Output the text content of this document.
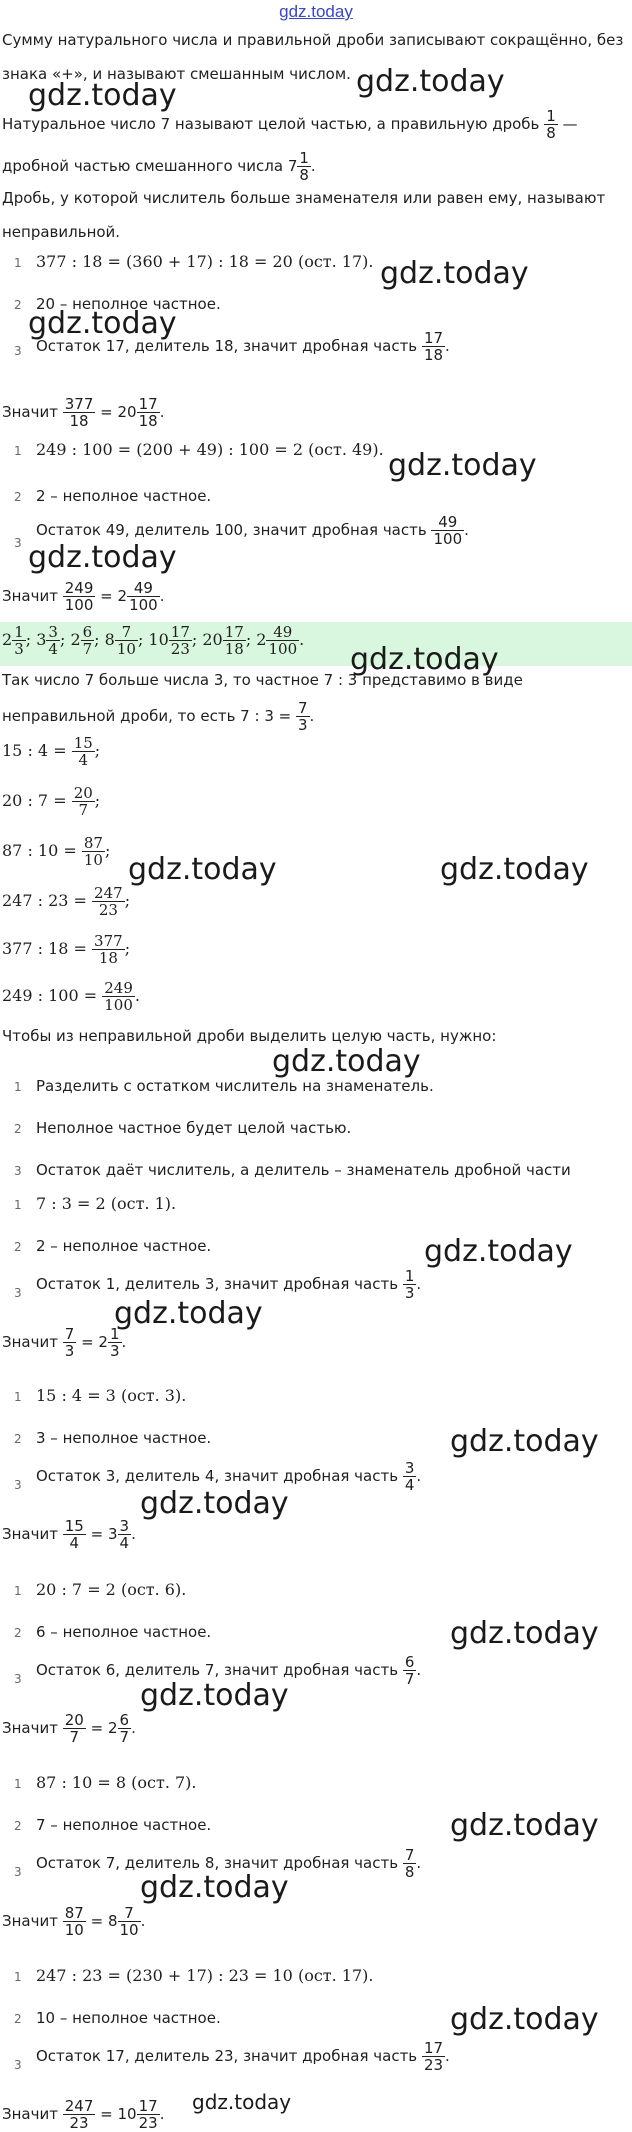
gdz.today
Сумму натурального числа и правильной дроби записывают сокращённо, без
знака «+», и называют смешанным числом.
Натуральное число 7 называют целой частью, а правильную дробь $\frac{1}{8}$ —
дробной частью смешанного числа $7 \frac{1}{8}$ .
Дробь, у которой числитель больше знаменателя или равен ему, называют
неправильной.
1 377 : 18 = (360 + 17) : 18 = 20 (ост. 17).
2 20 – неполное частное.
3 Остаток 17, делитель 18, значит дробная часть $\frac{17}{18}$ .
Значит $\frac{377}{18} = 20 \frac{17}{18}$ .
1 249 : 100 = (200 + 49) : 100 = 2 (ост. 49).
2 2 – неполное частное.
3
Остаток 49, делитель 100, значит дробная часть $\frac{49}{100}$ .
Значит $\frac{249}{100} = 2 \frac{49}{100}$ .
$2 \frac{1}{3}$ ; $3 \frac{3}{4}$ ; $2 \frac{6}{7}$ ; $8 \frac{7}{10}$ ; $10 \frac{17}{23}$ ; $20 \frac{17}{18}$ ; $2 \frac{49}{100}$ .
Так число 7 больше числа 3, то частное 7 : 3 представимо в виде
неправильной дроби, то есть 7 : $3 = \frac{7}{3}$ .
15 : $4 = \frac{15}{4}$ ;
20 : $7 = \frac{20}{7}$ ;
87 : $10 = \frac{87}{10}$ ;
247 : $23 = \frac{247}{23}$ ;
377 : $18 = \frac{377}{18}$ ;
249 : $100 = \frac{249}{100}$ .
Чтобы из неправильной дроби выделить целую часть, нужно:
1 Разделить с остатком числитель на знаменатель.
2 Неполное частное будет целой частью.
3 Остаток даёт числитель, а делитель – знаменатель дробной части
1 7 : 3 = 2 (ост. 1).
2 2 – неполное частное.
3 Остаток 1, делитель 3, значит дробная часть $\frac{1}{3}$ .
Значит $\frac{7}{3} = 2 \frac{1}{3}$ .
1 15 : 4 = 3 (ост. 3).
2 3 – неполное частное.
3 Остаток 3, делитель 4, значит дробная часть $\frac{3}{4}$ .
Значит $\frac{15}{4} = 3 \frac{3}{4}$ .
1 20 : 7 = 2 (ост. 6).
2 6 – неполное частное.
3 Остаток 6, делитель 7, значит дробная часть $\frac{6}{7}$ .
Значит $\frac{20}{7} = 2 \frac{6}{7}$ .
1 87 : 10 = 8 (ост. 7).
2 7 – неполное частное.
3 Остаток 7, делитель 8, значит дробная часть $\frac{7}{8}$ .
Значит $\frac{87}{10} = 8 \frac{7}{10}$ .
1 247 : 23 = (230 + 17) : 23 = 10 (ост. 17).
2 10 – неполное частное.
3 Остаток 17, делитель 23, значит дробная часть $\frac{17}{23}$ .
Значит $\frac{247}{23} = 10 \frac{17}{23}$ .
gdz.today	gdz.today
gdz.today
gdz.today
gdz.today
gdz.today
gdz.today
gdz.today	gdz.today
gdz.today
gdz.today
gdz.today
gdz.today
gdz.today
gdz.today
gdz.today
gdz.today
gdz.today
gdz.today
gdz.today
